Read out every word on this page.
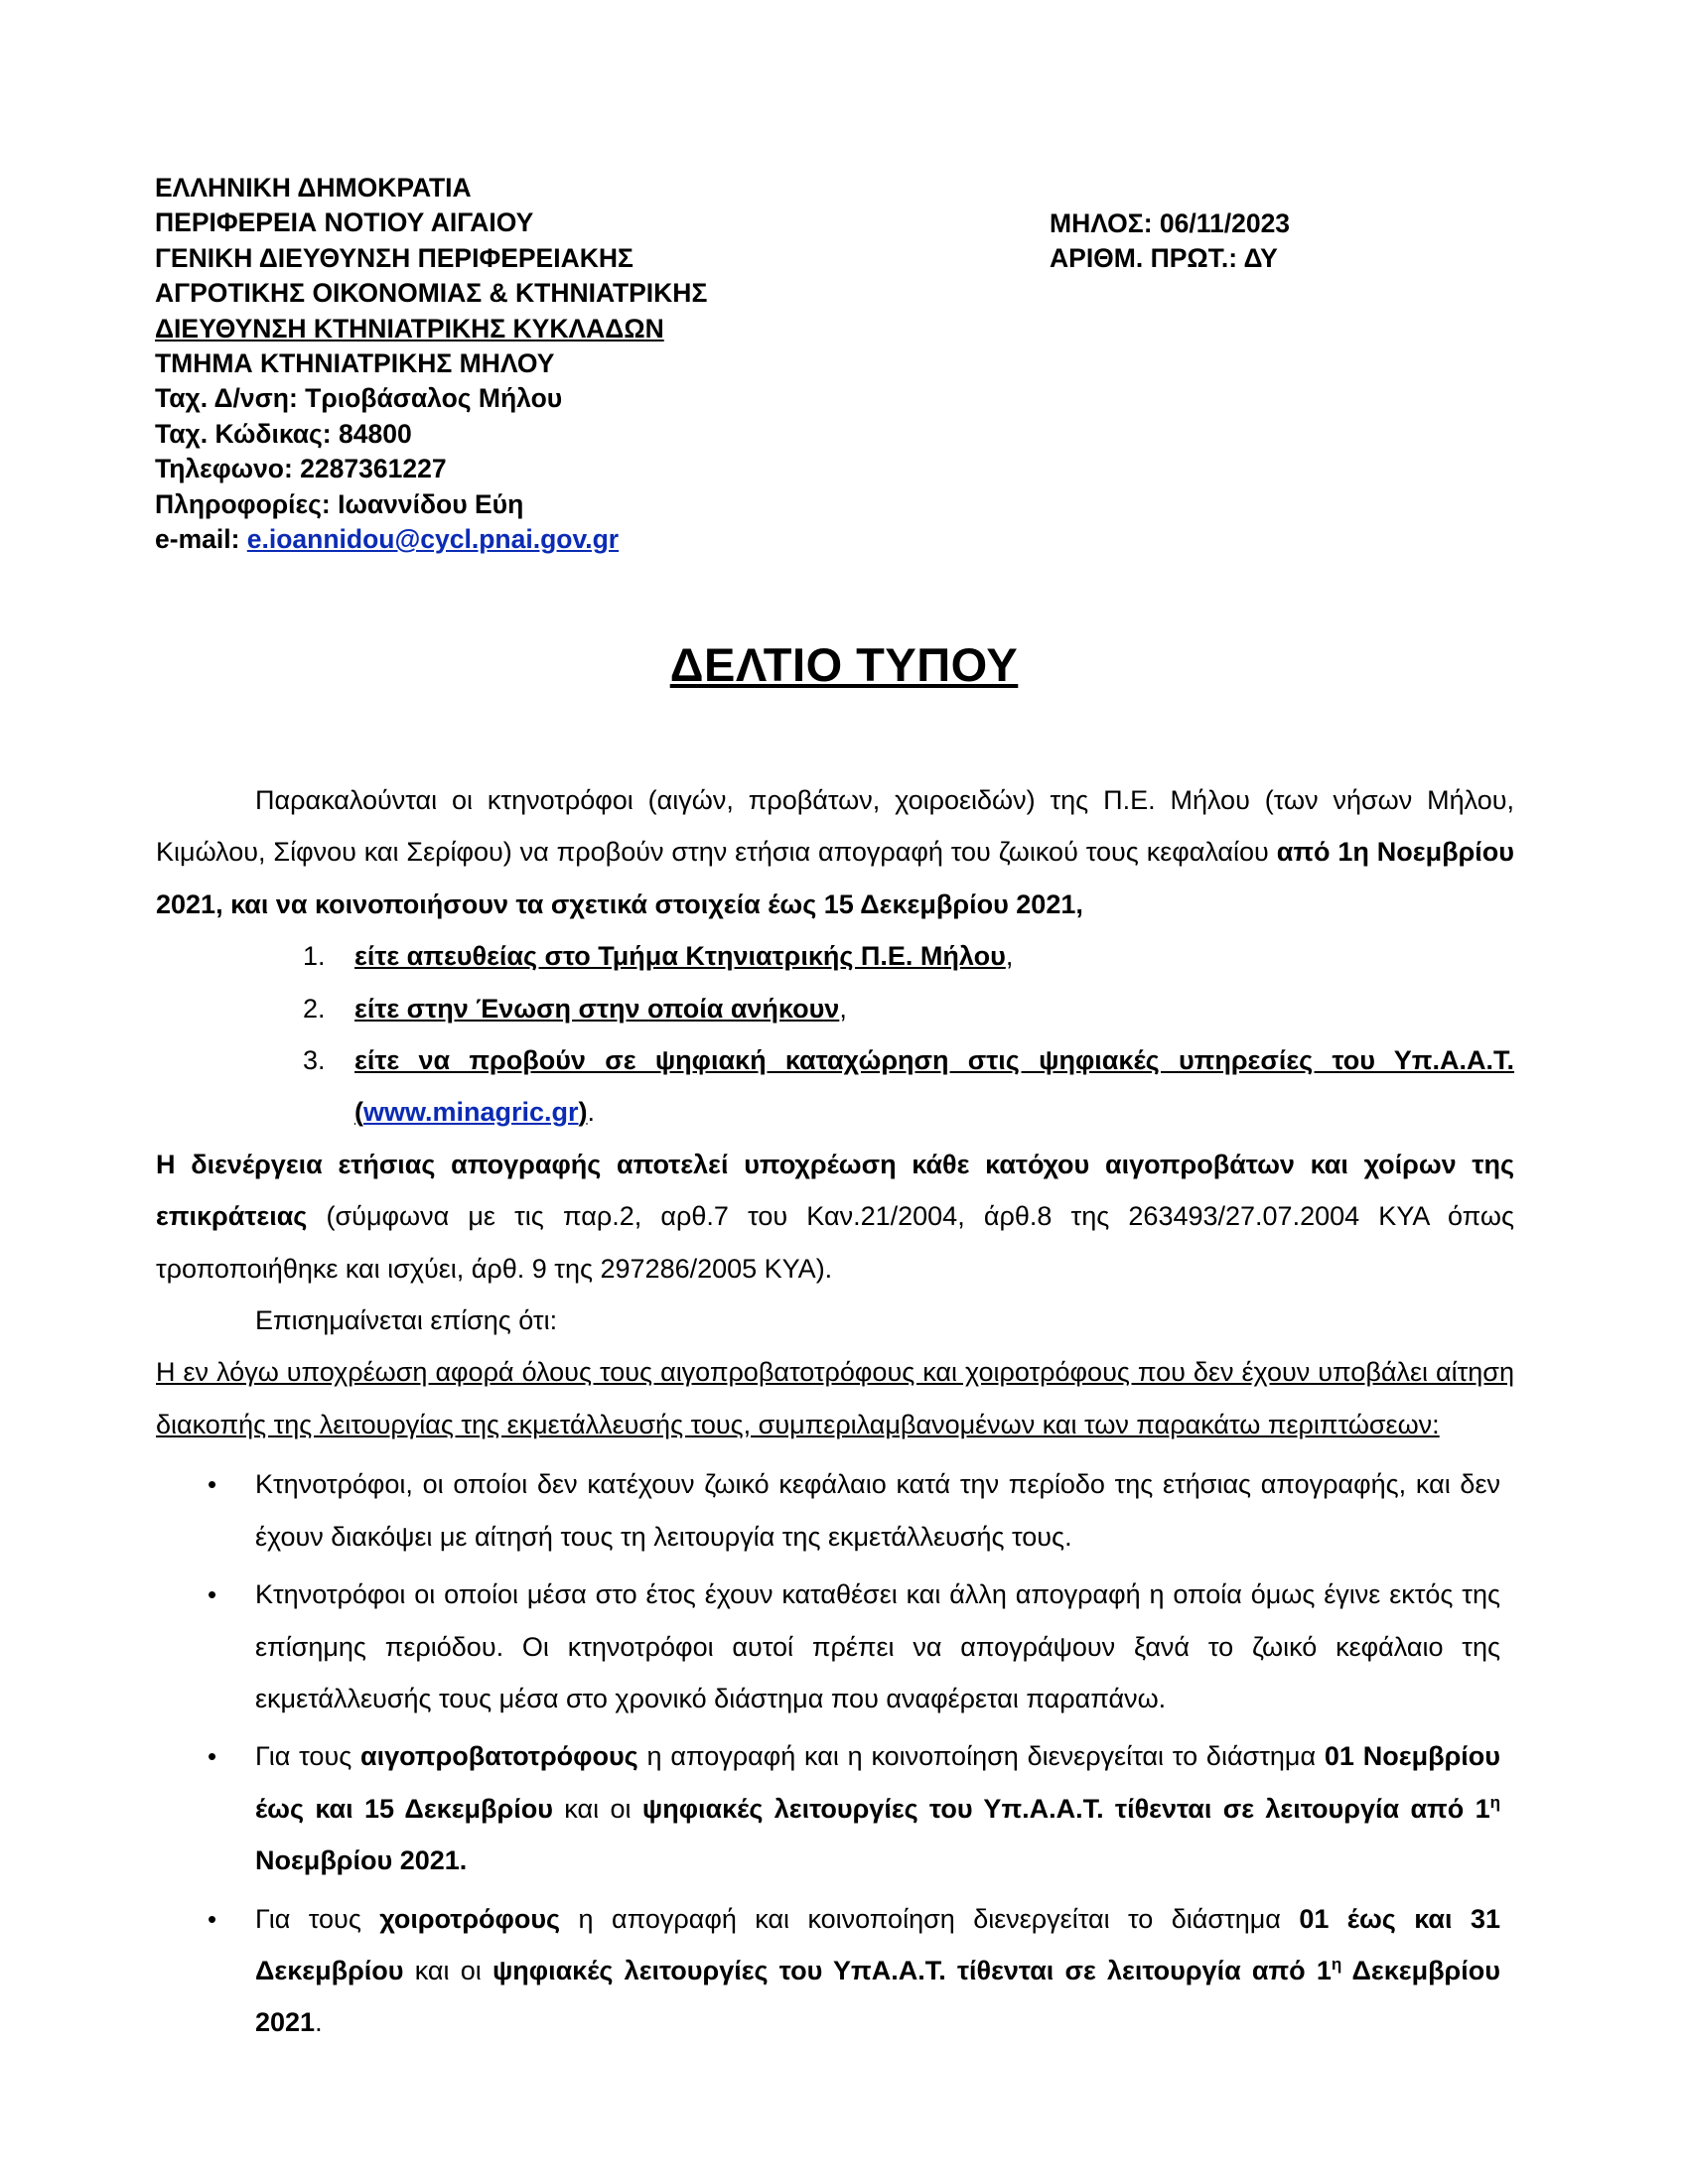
ΕΛΛΗΝΙΚΗ ΔΗΜΟΚΡΑΤΙΑ
ΠΕΡΙΦΕΡΕΙΑ ΝΟΤΙΟΥ ΑΙΓΑΙΟΥ
ΓΕΝΙΚΗ ΔΙΕΥΘΥΝΣΗ ΠΕΡΙΦΕΡΕΙΑΚΗΣ
ΑΓΡΟΤΙΚΗΣ ΟΙΚΟΝΟΜΙΑΣ & ΚΤΗΝΙΑΤΡΙΚΗΣ
ΔΙΕΥΘΥΝΣΗ ΚΤΗΝΙΑΤΡΙΚΗΣ ΚΥΚΛΑΔΩΝ
ΤΜΗΜΑ ΚΤΗΝΙΑΤΡΙΚΗΣ ΜΗΛΟΥ
Ταχ. Δ/νση: Τριοβάσαλος Μήλου
Ταχ. Κώδικας: 84800
Τηλεφωνο: 2287361227
Πληροφορίες: Ιωαννίδου Εύη
e-mail: e.ioannidou@cycl.pnai.gov.gr
ΜΗΛΟΣ: 06/11/2023
ΑΡΙΘΜ. ΠΡΩΤ.: ΔΥ
ΔΕΛΤΙΟ ΤΥΠΟΥ

Παρακαλούνται οι κτηνοτρόφοι (αιγών, προβάτων, χοιροειδών) της Π.Ε. Μήλου (των νήσων Μήλου, Κιμώλου, Σίφνου και Σερίφου) να προβούν στην ετήσια απογραφή του ζωικού τους κεφαλαίου από 1η Νοεμβρίου 2021, και να κοινοποιήσουν τα σχετικά στοιχεία έως 15 Δεκεμβρίου 2021,

1. είτε απευθείας στο Τμήμα Κτηνιατρικής Π.Ε. Μήλου,
2. είτε στην Ένωση στην οποία ανήκουν,
3. είτε να προβούν σε ψηφιακή καταχώρηση στις ψηφιακές υπηρεσίες του Υπ.Α.Α.Τ. (www.minagric.gr).

Η διενέργεια ετήσιας απογραφής αποτελεί υποχρέωση κάθε κατόχου αιγοπροβάτων και χοίρων της επικράτειας (σύμφωνα με τις παρ.2, αρθ.7 του Καν.21/2004, άρθ.8 της 263493/27.07.2004 ΚΥΑ όπως τροποποιήθηκε και ισχύει, άρθ. 9 της 297286/2005 ΚΥΑ).

Επισημαίνεται επίσης ότι:

Η εν λόγω υποχρέωση αφορά όλους τους αιγοπροβατοτρόφους και χοιροτρόφους που δεν έχουν υποβάλει αίτηση διακοπής της λειτουργίας της εκμετάλλευσής τους, συμπεριλαμβανομένων και των παρακάτω περιπτώσεων:

• Κτηνοτρόφοι, οι οποίοι δεν κατέχουν ζωικό κεφάλαιο κατά την περίοδο της ετήσιας απογραφής, και δεν έχουν διακόψει με αίτησή τους τη λειτουργία της εκμετάλλευσής τους.
• Κτηνοτρόφοι οι οποίοι μέσα στο έτος έχουν καταθέσει και άλλη απογραφή η οποία όμως έγινε εκτός της επίσημης περιόδου. Οι κτηνοτρόφοι αυτοί πρέπει να απογράψουν ξανά το ζωικό κεφάλαιο της εκμετάλλευσής τους μέσα στο χρονικό διάστημα που αναφέρεται παραπάνω.
• Για τους αιγοπροβατοτρόφους η απογραφή και η κοινοποίηση διενεργείται το διάστημα 01 Νοεμβρίου έως και 15 Δεκεμβρίου και οι ψηφιακές λειτουργίες του Υπ.Α.Α.Τ. τίθενται σε λειτουργία από $1^\eta$ Νοεμβρίου 2021.
• Για τους χοιροτρόφους η απογραφή και κοινοποίηση διενεργείται το διάστημα 01 έως και 31 Δεκεμβρίου και οι ψηφιακές λειτουργίες του ΥπΑ.Α.Τ. τίθενται σε λειτουργία από $1^\eta$ Δεκεμβρίου 2021.
